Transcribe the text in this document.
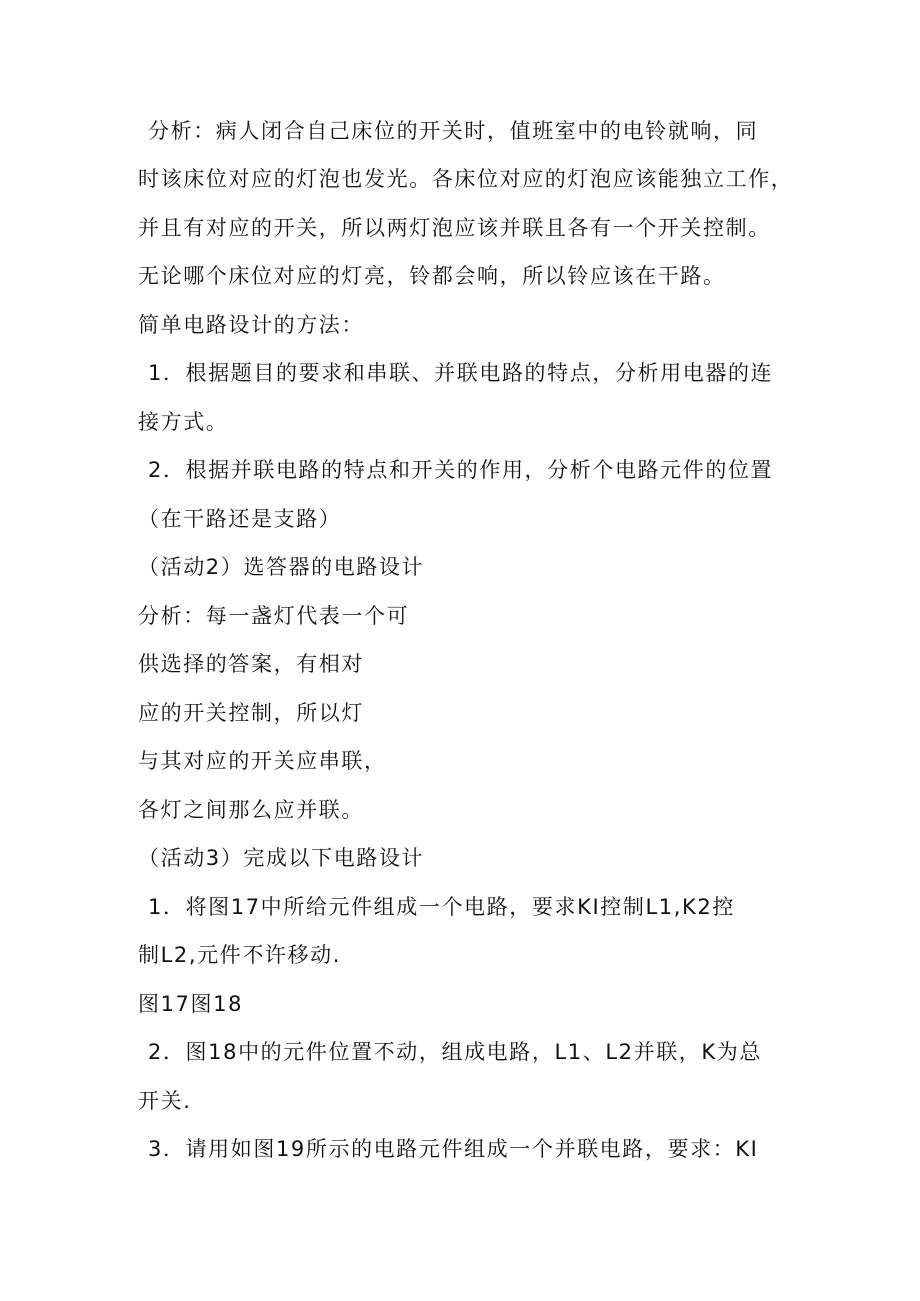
分析：病人闭合自己床位的开关时，值班室中的电铃就响，同
时该床位对应的灯泡也发光。各床位对应的灯泡应该能独立工作，
并且有对应的开关，所以两灯泡应该并联且各有一个开关控制。
无论哪个床位对应的灯亮，铃都会响，所以铃应该在干路。
简单电路设计的方法：
1．根据题目的要求和串联、并联电路的特点，分析用电器的连
接方式。
2．根据并联电路的特点和开关的作用，分析个电路元件的位置
（在干路还是支路）
（活动2）选答器的电路设计
分析：每一盏灯代表一个可
供选择的答案，有相对
应的开关控制，所以灯
与其对应的开关应串联，
各灯之间那么应并联。
（活动3）完成以下电路设计
1．将图17中所给元件组成一个电路，要求KI控制L1,K2控
制L2,元件不许移动.
图17图18
2．图18中的元件位置不动，组成电路，L1、L2并联，K为总
开关.
3．请用如图19所示的电路元件组成一个并联电路，要求：KI
